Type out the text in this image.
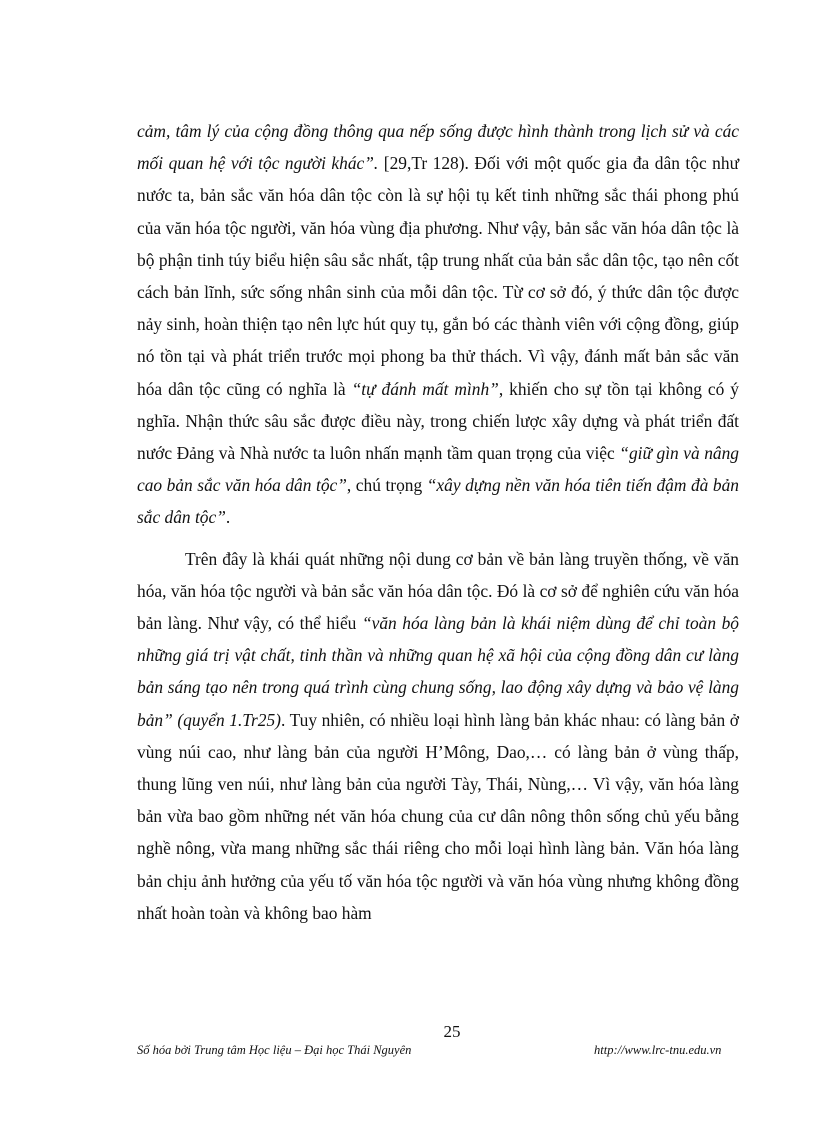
cảm, tâm lý của cộng đồng thông qua nếp sống được hình thành trong lịch sử và các mối quan hệ với tộc người khác”. [29,Tr 128). Đối với một quốc gia đa dân tộc như nước ta, bản sắc văn hóa dân tộc còn là sự hội tụ kết tinh những sắc thái phong phú của văn hóa tộc người, văn hóa vùng địa phương. Như vậy, bản sắc văn hóa dân tộc là bộ phận tinh túy biểu hiện sâu sắc nhất, tập trung nhất của bản sắc dân tộc, tạo nên cốt cách bản lĩnh, sức sống nhân sinh của mỗi dân tộc. Từ cơ sở đó, ý thức dân tộc được nảy sinh, hoàn thiện tạo nên lực hút quy tụ, gắn bó các thành viên với cộng đồng, giúp nó tồn tại và phát triển trước mọi phong ba thử thách. Vì vậy, đánh mất bản sắc văn hóa dân tộc cũng có nghĩa là “tự đánh mất mình”, khiến cho sự tồn tại không có ý nghĩa. Nhận thức sâu sắc được điều này, trong chiến lược xây dựng và phát triển đất nước Đảng và Nhà nước ta luôn nhấn mạnh tầm quan trọng của việc “giữ gìn và nâng cao bản sắc văn hóa dân tộc”, chú trọng “xây dựng nền văn hóa tiên tiến đậm đà bản sắc dân tộc”.

Trên đây là khái quát những nội dung cơ bản về bản làng truyền thống, về văn hóa, văn hóa tộc người và bản sắc văn hóa dân tộc. Đó là cơ sở để nghiên cứu văn hóa bản làng. Như vậy, có thể hiểu “văn hóa làng bản là khái niệm dùng để chỉ toàn bộ những giá trị vật chất, tinh thần và những quan hệ xã hội của cộng đồng dân cư làng bản sáng tạo nên trong quá trình cùng chung sống, lao động xây dựng và bảo vệ làng bản” (quyển 1.Tr25). Tuy nhiên, có nhiều loại hình làng bản khác nhau: có làng bản ở vùng núi cao, như làng bản của người H’Mông, Dao,… có làng bản ở vùng thấp, thung lũng ven núi, như làng bản của người Tày, Thái, Nùng,… Vì vậy, văn hóa làng bản vừa bao gồm những nét văn hóa chung của cư dân nông thôn sống chủ yếu bằng nghề nông, vừa mang những sắc thái riêng cho mỗi loại hình làng bản. Văn hóa làng bản chịu ảnh hưởng của yếu tố văn hóa tộc người và văn hóa vùng nhưng không đồng nhất hoàn toàn và không bao hàm

25
Số hóa bởi Trung tâm Học liệu – Đại học Thái Nguyên	http://www.lrc-tnu.edu.vn
